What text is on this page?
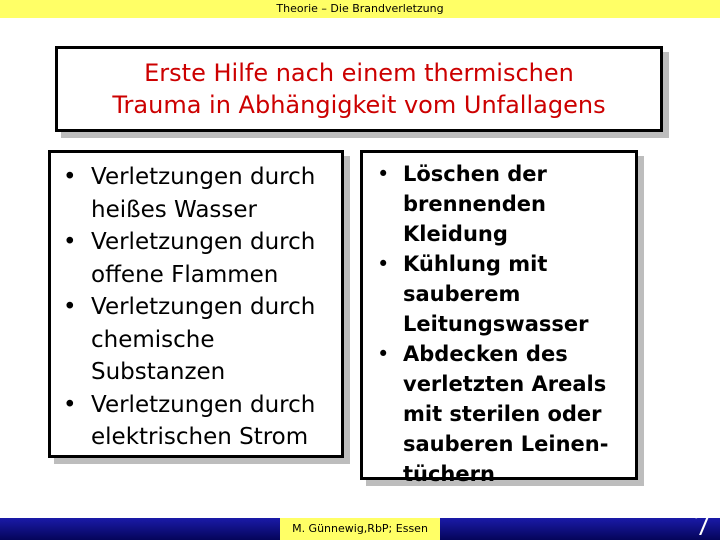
Theorie – Die Brandverletzung
Erste Hilfe nach einem thermischen
Trauma in Abhängigkeit vom Unfallagens
• Verletzungen durch
heißes Wasser
• Verletzungen durch
offene Flammen
• Verletzungen durch
chemische
Substanzen
• Verletzungen durch
elektrischen Strom
• Löschen der
brennenden
Kleidung
• Kühlung mit
sauberem
Leitungswasser
• Abdecken des
verletzten Areals
mit sterilen oder
sauberen Leinen-
tüchern
M. Günnewig,RbP; Essen	7
